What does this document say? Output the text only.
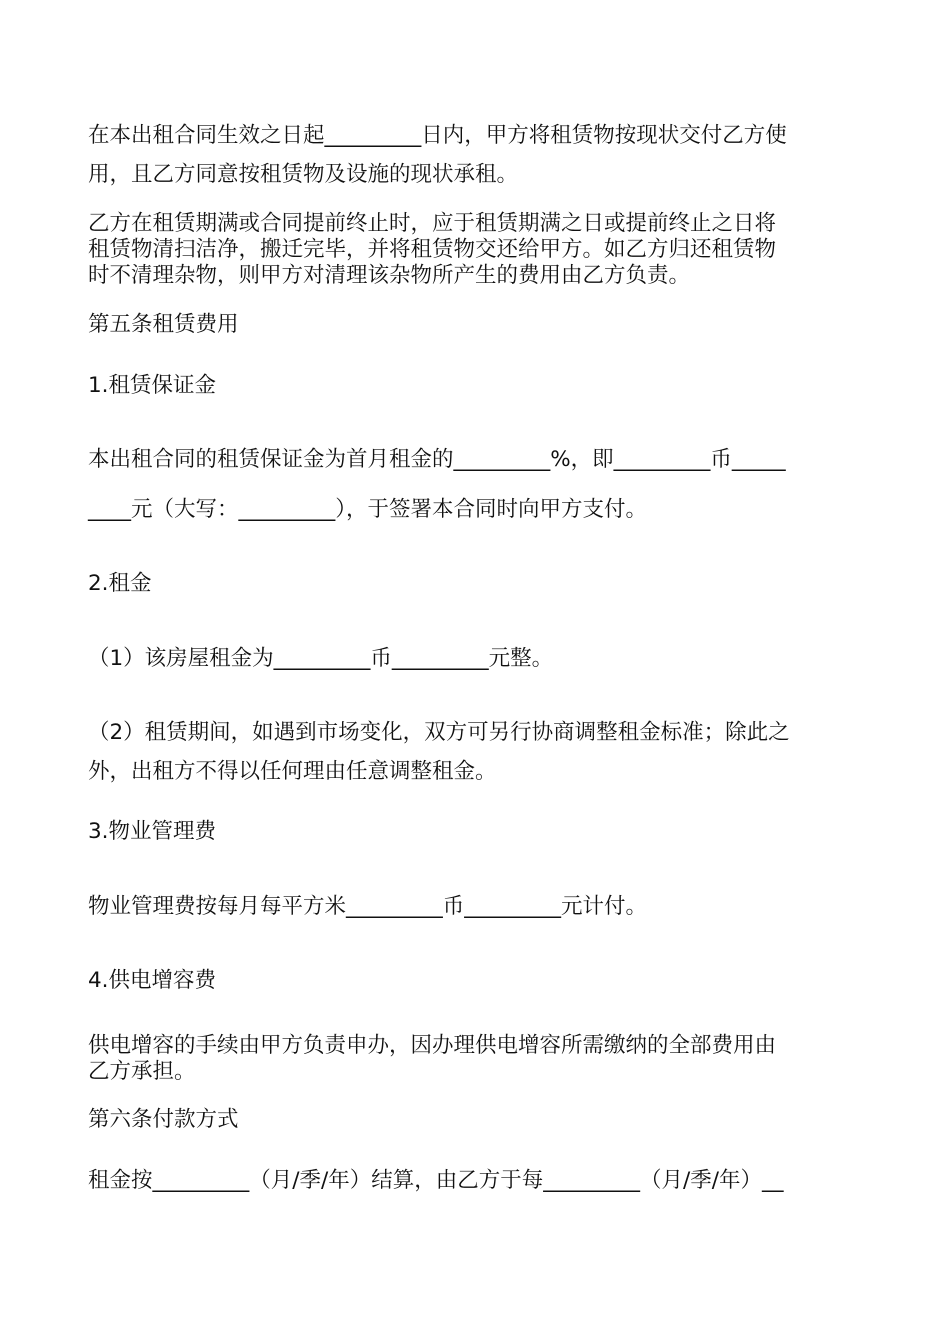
在本出租合同生效之日起_________日内，甲方将租赁物按现状交付乙方使
用，且乙方同意按租赁物及设施的现状承租。
乙方在租赁期满或合同提前终止时，应于租赁期满之日或提前终止之日将
租赁物清扫洁净，搬迁完毕，并将租赁物交还给甲方。如乙方归还租赁物
时不清理杂物，则甲方对清理该杂物所产生的费用由乙方负责。
第五条租赁费用
1.租赁保证金
本出租合同的租赁保证金为首月租金的_________%，即_________币_____
____元（大写：_________），于签署本合同时向甲方支付。
2.租金
（1）该房屋租金为_________币_________元整。
（2）租赁期间，如遇到市场变化，双方可另行协商调整租金标准；除此之
外，出租方不得以任何理由任意调整租金。
3.物业管理费
物业管理费按每月每平方米_________币_________元计付。
4.供电增容费
供电增容的手续由甲方负责申办，因办理供电增容所需缴纳的全部费用由
乙方承担。
第六条付款方式
租金按_________（月/季/年）结算，由乙方于每_________（月/季/年）__
